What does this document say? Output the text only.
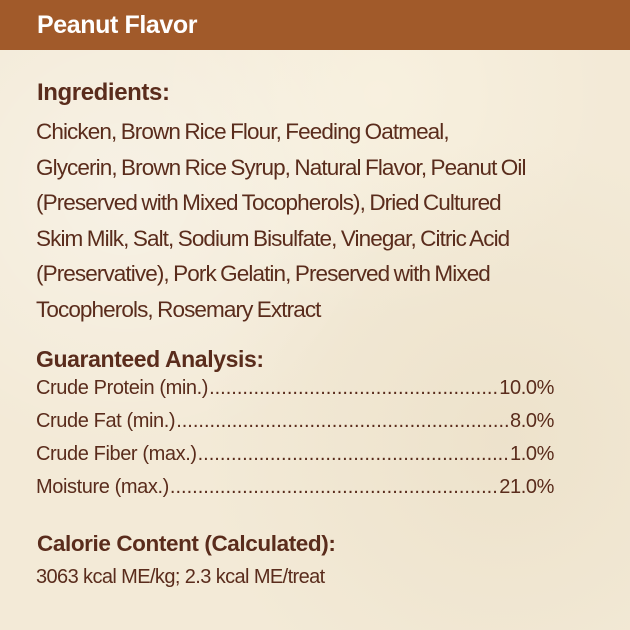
Peanut Flavor
Ingredients:

Chicken, Brown Rice Flour, Feeding Oatmeal,
Glycerin, Brown Rice Syrup, Natural Flavor, Peanut Oil
(Preserved with Mixed Tocopherols), Dried Cultured
Skim Milk, Salt, Sodium Bisulfate, Vinegar, Citric Acid
(Preservative), Pork Gelatin, Preserved with Mixed
Tocopherols, Rosemary Extract

Guaranteed Analysis:
Crude Protein (min.) .....	10.0%
Crude Fat (min.) .....	8.0%
Crude Fiber (max.) .....	1.0%
Moisture (max.) .....	21.0%
Calorie Content (Calculated):
3063 kcal ME/kg; 2.3 kcal ME/treat
